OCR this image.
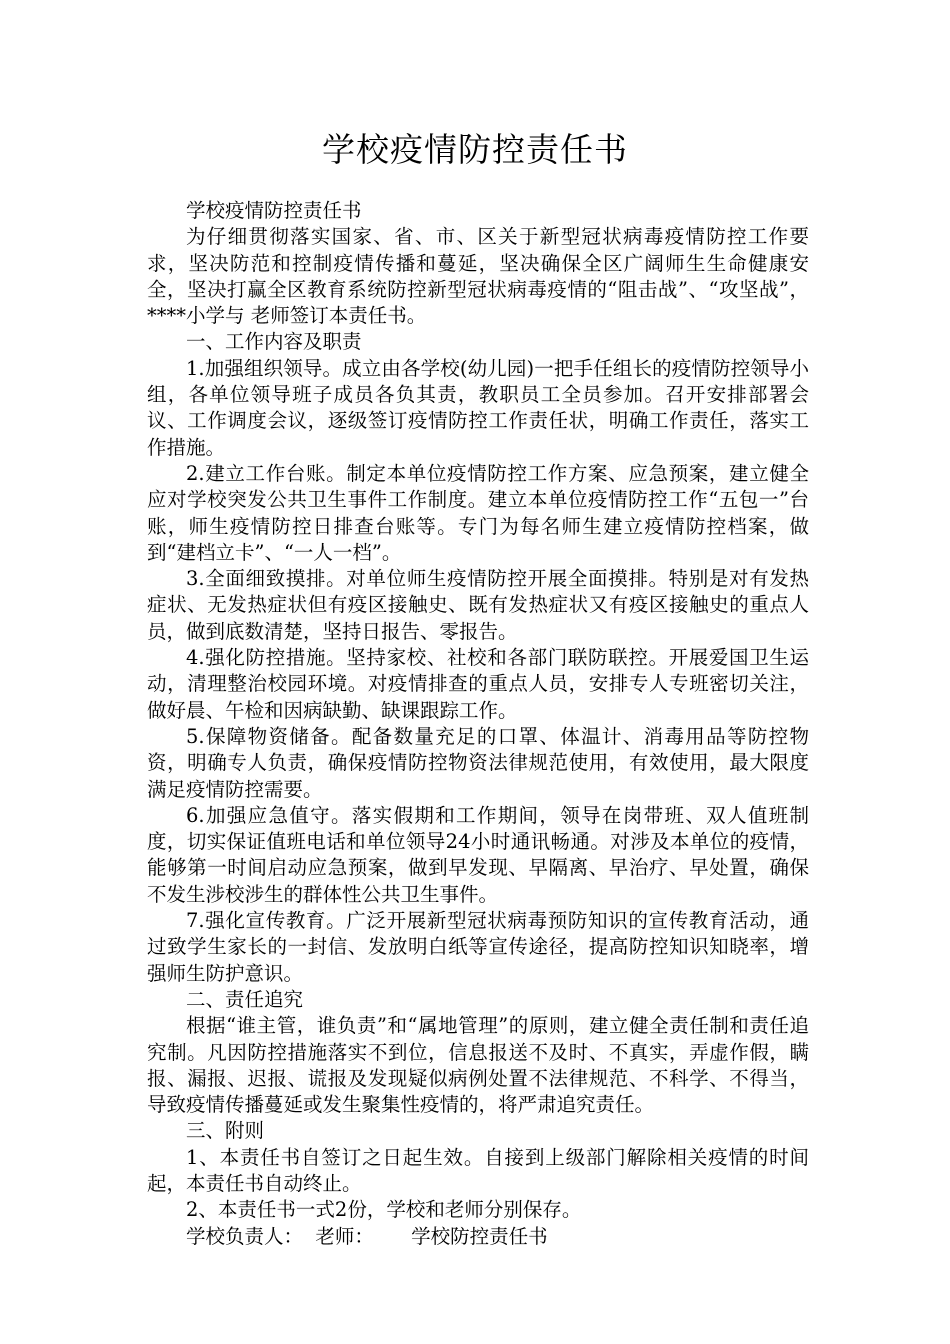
学校疫情防控责任书

学校疫情防控责任书

为仔细贯彻落实国家、省、市、区关于新型冠状病毒疫情防控工作要求，坚决防范和控制疫情传播和蔓延，坚决确保全区广阔师生生命健康安全，坚决打赢全区教育系统防控新型冠状病毒疫情的“阻击战”、“攻坚战”，****小学与 老师签订本责任书。

一、工作内容及职责

1.加强组织领导。成立由各学校(幼儿园)一把手任组长的疫情防控领导小组，各单位领导班子成员各负其责，教职员工全员参加。召开安排部署会议、工作调度会议，逐级签订疫情防控工作责任状，明确工作责任，落实工作措施。

2.建立工作台账。制定本单位疫情防控工作方案、应急预案，建立健全应对学校突发公共卫生事件工作制度。建立本单位疫情防控工作“五包一”台账，师生疫情防控日排查台账等。专门为每名师生建立疫情防控档案，做到“建档立卡”、“一人一档”。

3.全面细致摸排。对单位师生疫情防控开展全面摸排。特别是对有发热症状、无发热症状但有疫区接触史、既有发热症状又有疫区接触史的重点人员，做到底数清楚，坚持日报告、零报告。

4.强化防控措施。坚持家校、社校和各部门联防联控。开展爱国卫生运动，清理整治校园环境。对疫情排查的重点人员，安排专人专班密切关注，做好晨、午检和因病缺勤、缺课跟踪工作。

5.保障物资储备。配备数量充足的口罩、体温计、消毒用品等防控物资，明确专人负责，确保疫情防控物资法律规范使用，有效使用，最大限度满足疫情防控需要。

6.加强应急值守。落实假期和工作期间，领导在岗带班、双人值班制度，切实保证值班电话和单位领导24小时通讯畅通。对涉及本单位的疫情，能够第一时间启动应急预案，做到早发现、早隔离、早治疗、早处置，确保不发生涉校涉生的群体性公共卫生事件。

7.强化宣传教育。广泛开展新型冠状病毒预防知识的宣传教育活动，通过致学生家长的一封信、发放明白纸等宣传途径，提高防控知识知晓率，增强师生防护意识。

二、责任追究

根据“谁主管，谁负责”和“属地管理”的原则，建立健全责任制和责任追究制。凡因防控措施落实不到位，信息报送不及时、不真实，弄虚作假，瞒报、漏报、迟报、谎报及发现疑似病例处置不法律规范、不科学、不得当，导致疫情传播蔓延或发生聚集性疫情的，将严肃追究责任。

三、附则

1、本责任书自签订之日起生效。自接到上级部门解除相关疫情的时间起，本责任书自动终止。

2、本责任书一式2份，学校和老师分别保存。

学校负责人：  老师：      学校防控责任书
